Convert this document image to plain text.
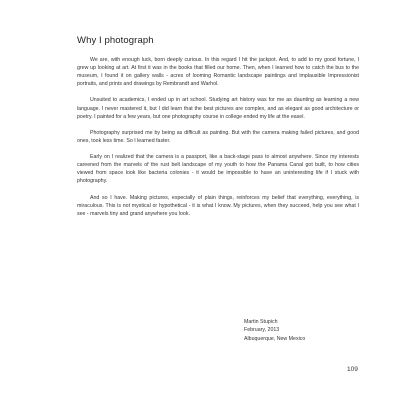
Why I photograph

We are, with enough luck, born deeply curious. In this regard I hit the jackpot. And, to add to my good fortune, I grew up looking at art. At first it was in the books that filled our home. Then, when I learned how to catch the bus to the museum, I found it on gallery walls - acres of looming Romantic landscape paintings and implausible Impressionist portraits, and prints and drawings by Rembrandt and Warhol.

Unsuited to academics, I ended up in art school. Studying art history was for me as daunting as learning a new language. I never mastered it, but I did learn that the best pictures are complex, and as elegant as good architecture or poetry. I painted for a few years, but one photography course in college ended my life at the easel.

Photography surprised me by being as difficult as painting. But with the camera making failed pictures, and good ones, took less time. So I learned faster.

Early on I realized that the camera is a passport, like a back-stage pass to almost anywhere. Since my interests careened from the marvels of the rust belt landscape of my youth to how the Panama Canal got built, to how cities viewed from space look like bacteria colonies - it would be impossible to have an uninteresting life if I stuck with photography.

And so I have. Making pictures, especially of plain things, reinforces my belief that everything, everything, is miraculous. This is not mystical or hypothetical - it is what I know. My pictures, when they succeed, help you see what I see - marvels tiny and grand anywhere you look.

Martin Stupich
February, 2013
Albuquerque, New Mexico
109
